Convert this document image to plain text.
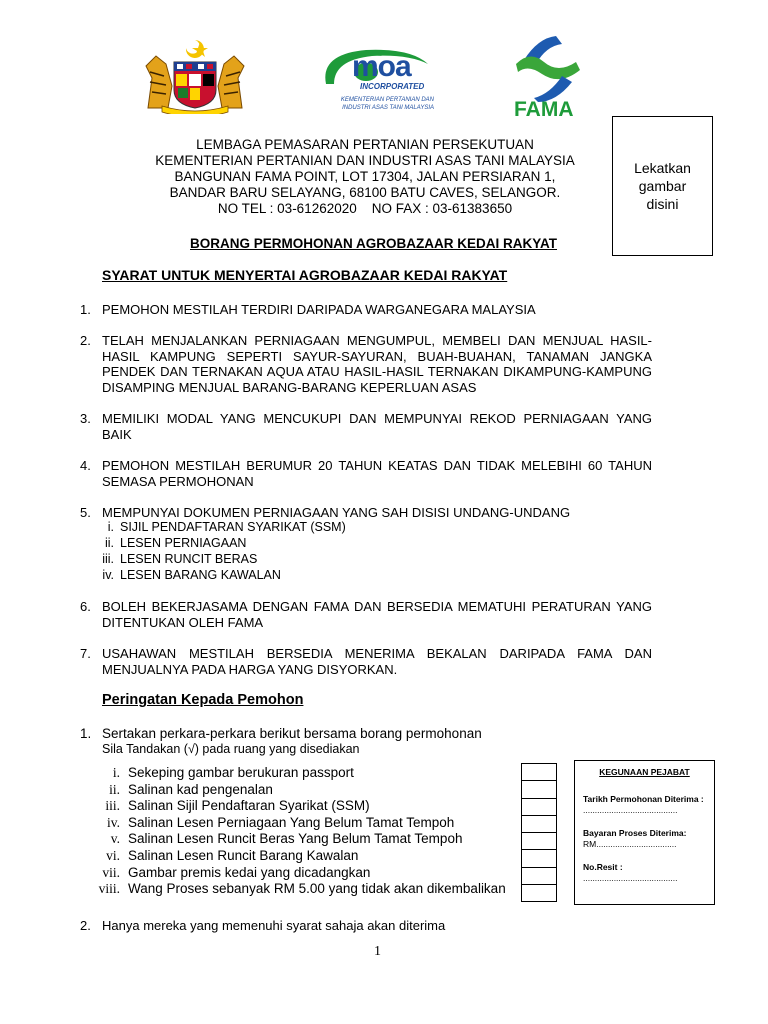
moa
INCORPORATED
KEMENTERIAN PERTANIAN DAN
INDUSTRI ASAS TANI MALAYSIA	FAMA
LEMBAGA PEMASARAN PERTANIAN PERSEKUTUAN
KEMENTERIAN PERTANIAN DAN INDUSTRI ASAS TANI MALAYSIA
BANGUNAN FAMA POINT, LOT 17304, JALAN PERSIARAN 1,
BANDAR BARU SELAYANG, 68100 BATU CAVES, SELANGOR.
NO TEL : 03-61262020    NO FAX : 03-61383650
Lekatkan
gambar
disini
BORANG PERMOHONAN AGROBAZAAR KEDAI RAKYAT
SYARAT UNTUK MENYERTAI AGROBAZAAR KEDAI RAKYAT
1. PEMOHON MESTILAH TERDIRI DARIPADA WARGANEGARA MALAYSIA
2. TELAH MENJALANKAN PERNIAGAAN MENGUMPUL, MEMBELI DAN MENJUAL HASIL-HASIL KAMPUNG SEPERTI SAYUR-SAYURAN, BUAH-BUAHAN, TANAMAN JANGKA PENDEK DAN TERNAKAN AQUA ATAU HASIL-HASIL TERNAKAN DIKAMPUNG-KAMPUNG DISAMPING MENJUAL BARANG-BARANG KEPERLUAN ASAS
3. MEMILIKI MODAL YANG MENCUKUPI DAN MEMPUNYAI REKOD PERNIAGAAN YANG BAIK
4. PEMOHON MESTILAH BERUMUR 20 TAHUN KEATAS DAN TIDAK MELEBIHI 60 TAHUN SEMASA PERMOHONAN
5. MEMPUNYAI DOKUMEN PERNIAGAAN YANG SAH DISISI UNDANG-UNDANG
i. SIJIL PENDAFTARAN SYARIKAT (SSM)
ii. LESEN PERNIAGAAN
iii. LESEN RUNCIT BERAS
iv. LESEN BARANG KAWALAN
6. BOLEH BEKERJASAMA DENGAN FAMA DAN BERSEDIA MEMATUHI PERATURAN YANG DITENTUKAN OLEH FAMA
7. USAHAWAN MESTILAH BERSEDIA MENERIMA BEKALAN DARIPADA FAMA DAN MENJUALNYA PADA HARGA YANG DISYORKAN.
Peringatan Kepada Pemohon
1. Sertakan perkara-perkara berikut bersama borang permohonan
Sila Tandakan (√) pada ruang yang disediakan
i. Sekeping gambar berukuran passport
ii. Salinan kad pengenalan
iii. Salinan Sijil Pendaftaran Syarikat (SSM)
iv. Salinan Lesen Perniagaan Yang Belum Tamat Tempoh
v. Salinan Lesen Runcit Beras Yang Belum Tamat Tempoh
vi. Salinan Lesen Runcit Barang Kawalan
vii. Gambar premis kedai yang dicadangkan
viii. Wang Proses sebanyak RM 5.00 yang tidak akan dikembalikan
KEGUNAAN PEJABAT

Tarikh Permohonan Diterima :
........................................

Bayaran Proses Diterima:
RM..................................

No.Resit :
........................................

2. Hanya mereka yang memenuhi syarat sahaja akan diterima
1
